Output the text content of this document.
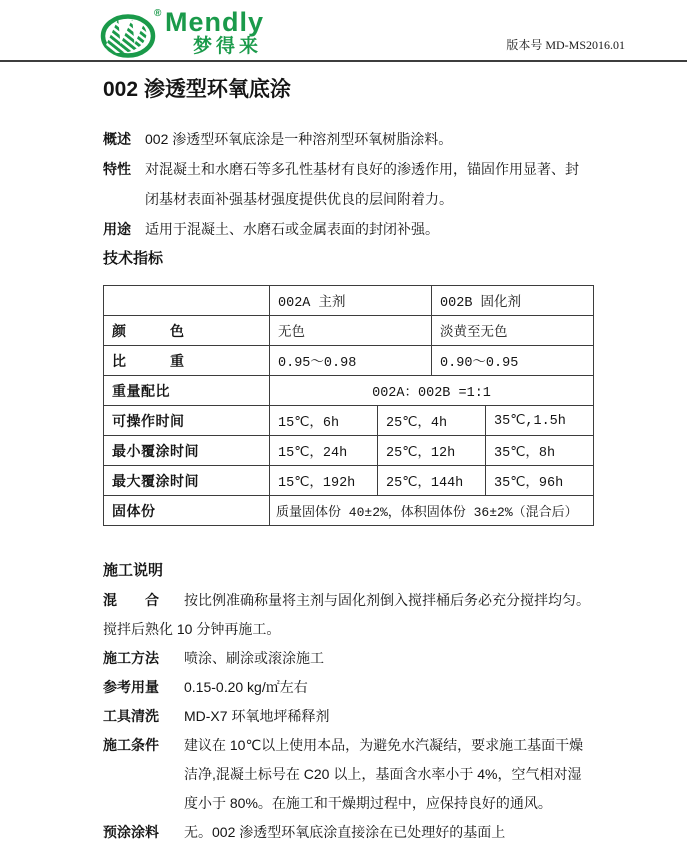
® Mendly
梦得来	版本号 MD-MS2016.01
002 渗透型环氧底涂
概述	002 渗透型环氧底涂是一种溶剂型环氧树脂涂料。
特性	对混凝土和水磨石等多孔性基材有良好的渗透作用，锚固作用显著、封闭基材表面补强基材强度提供优良的层间附着力。
用途	适用于混凝土、水磨石或金属表面的封闭补强。
技术指标
	002A 主剂		002B 固化剂	
颜　　　色	无色		淡黄至无色	
比　　　重	0.95～0.98		0.90～0.95	
重量配比	002A：002B =1:1			
可操作时间	15℃，6h	25℃，4h		35℃,1.5h
最小覆涂时间	15℃，24h	25℃，12h		35℃，8h
最大覆涂时间	15℃，192h	25℃，144h		35℃，96h
固体份	质量固体份 40±2%，体积固体份 36±2%（混合后）			
施工说明
混　　合	按比例准确称量将主剂与固化剂倒入搅拌桶后务必充分搅拌均匀。
搅拌后熟化 10 分钟再施工。
施工方法	喷涂、刷涂或滚涂施工
参考用量	0.15-0.20 kg/㎡左右
工具清洗	MD-X7 环氧地坪稀释剂
施工条件	建议在 10℃以上使用本品，为避免水汽凝结，要求施工基面干燥洁净,混凝土标号在 C20 以上，基面含水率小于 4%，空气相对湿度小于 80%。在施工和干燥期过程中，应保持良好的通风。
预涂涂料	无。002 渗透型环氧底涂直接涂在已处理好的基面上
